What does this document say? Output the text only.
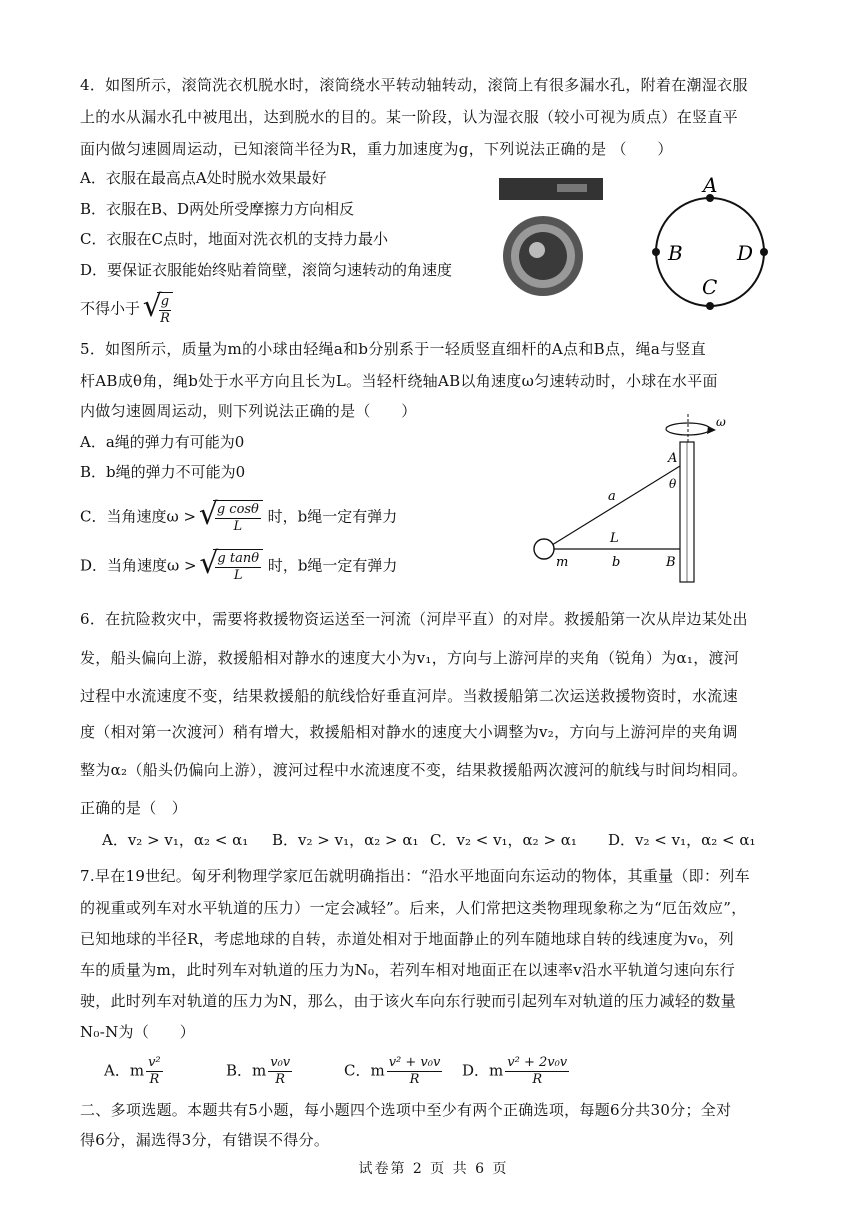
4．如图所示，滚筒洗衣机脱水时，滚筒绕水平转动轴转动，滚筒上有很多漏水孔，附着在潮湿衣服
上的水从漏水孔中被甩出，达到脱水的目的。某一阶段，认为湿衣服（较小可视为质点）在竖直平
面内做匀速圆周运动，已知滚筒半径为R，重力加速度为g，下列说法正确的是 （　　）
A．衣服在最高点A处时脱水效果最好
B．衣服在B、D两处所受摩擦力方向相反
C．衣服在C点时，地面对洗衣机的支持力最小
D．要保证衣服能始终贴着筒壁，滚筒匀速转动的角速度
不得小于 √ $\frac{g}{R}$
A
B
C
D
5．如图所示，质量为m的小球由轻绳a和b分别系于一轻质竖直细杆的A点和B点，绳a与竖直
杆AB成θ角，绳b处于水平方向且长为L。当轻杆绕轴AB以角速度ω匀速转动时，小球在水平面
内做匀速圆周运动，则下列说法正确的是（　　）
A．a绳的弹力有可能为0
B．b绳的弹力不可能为0
C．当角速度ω > √ $\frac{\text{g cosθ}}{L}$ 时，b绳一定有弹力
D．当角速度ω > √ $\frac{\text{g tanθ}}{L}$ 时，b绳一定有弹力
ω
A
θ
a
L
m	b	B
6．在抗险救灾中，需要将救援物资运送至一河流（河岸平直）的对岸。救援船第一次从岸边某处出
发，船头偏向上游，救援船相对静水的速度大小为v₁，方向与上游河岸的夹角（锐角）为α₁，渡河
过程中水流速度不变，结果救援船的航线恰好垂直河岸。当救援船第二次运送救援物资时，水流速
度（相对第一次渡河）稍有增大，救援船相对静水的速度大小调整为v₂，方向与上游河岸的夹角调
整为α₂（船头仍偏向上游），渡河过程中水流速度不变，结果救援船两次渡河的航线与时间均相同。
正确的是（　）
A．v₂ > v₁，α₂ < α₁ B．v₂ > v₁，α₂ > α₁ C．v₂ < v₁，α₂ > α₁ D．v₂ < v₁，α₂ < α₁
7.早在19世纪。匈牙利物理学家厄缶就明确指出：“沿水平地面向东运动的物体，其重量（即：列车
的视重或列车对水平轨道的压力）一定会减轻”。后来，人们常把这类物理现象称之为“厄缶效应”，
已知地球的半径R，考虑地球的自转，赤道处相对于地面静止的列车随地球自转的线速度为v₀，列
车的质量为m，此时列车对轨道的压力为N₀，若列车相对地面正在以速率v沿水平轨道匀速向东行
驶，此时列车对轨道的压力为N，那么，由于该火车向东行驶而引起列车对轨道的压力减轻的数量
N₀-N为（　　）
A．m $\frac{\text{v²}}{R}$	B．m $\frac{\text{v₀v}}{R}$	C．m $\frac{\text{v² + v₀v}}{R}$ D．m $\frac{\text{v² + 2v₀v}}{R}$
二、多项选题。本题共有5小题，每小题四个选项中至少有两个正确选项，每题6分共30分；全对
得6分，漏选得3分，有错误不得分。
试卷第 2 页 共 6 页
